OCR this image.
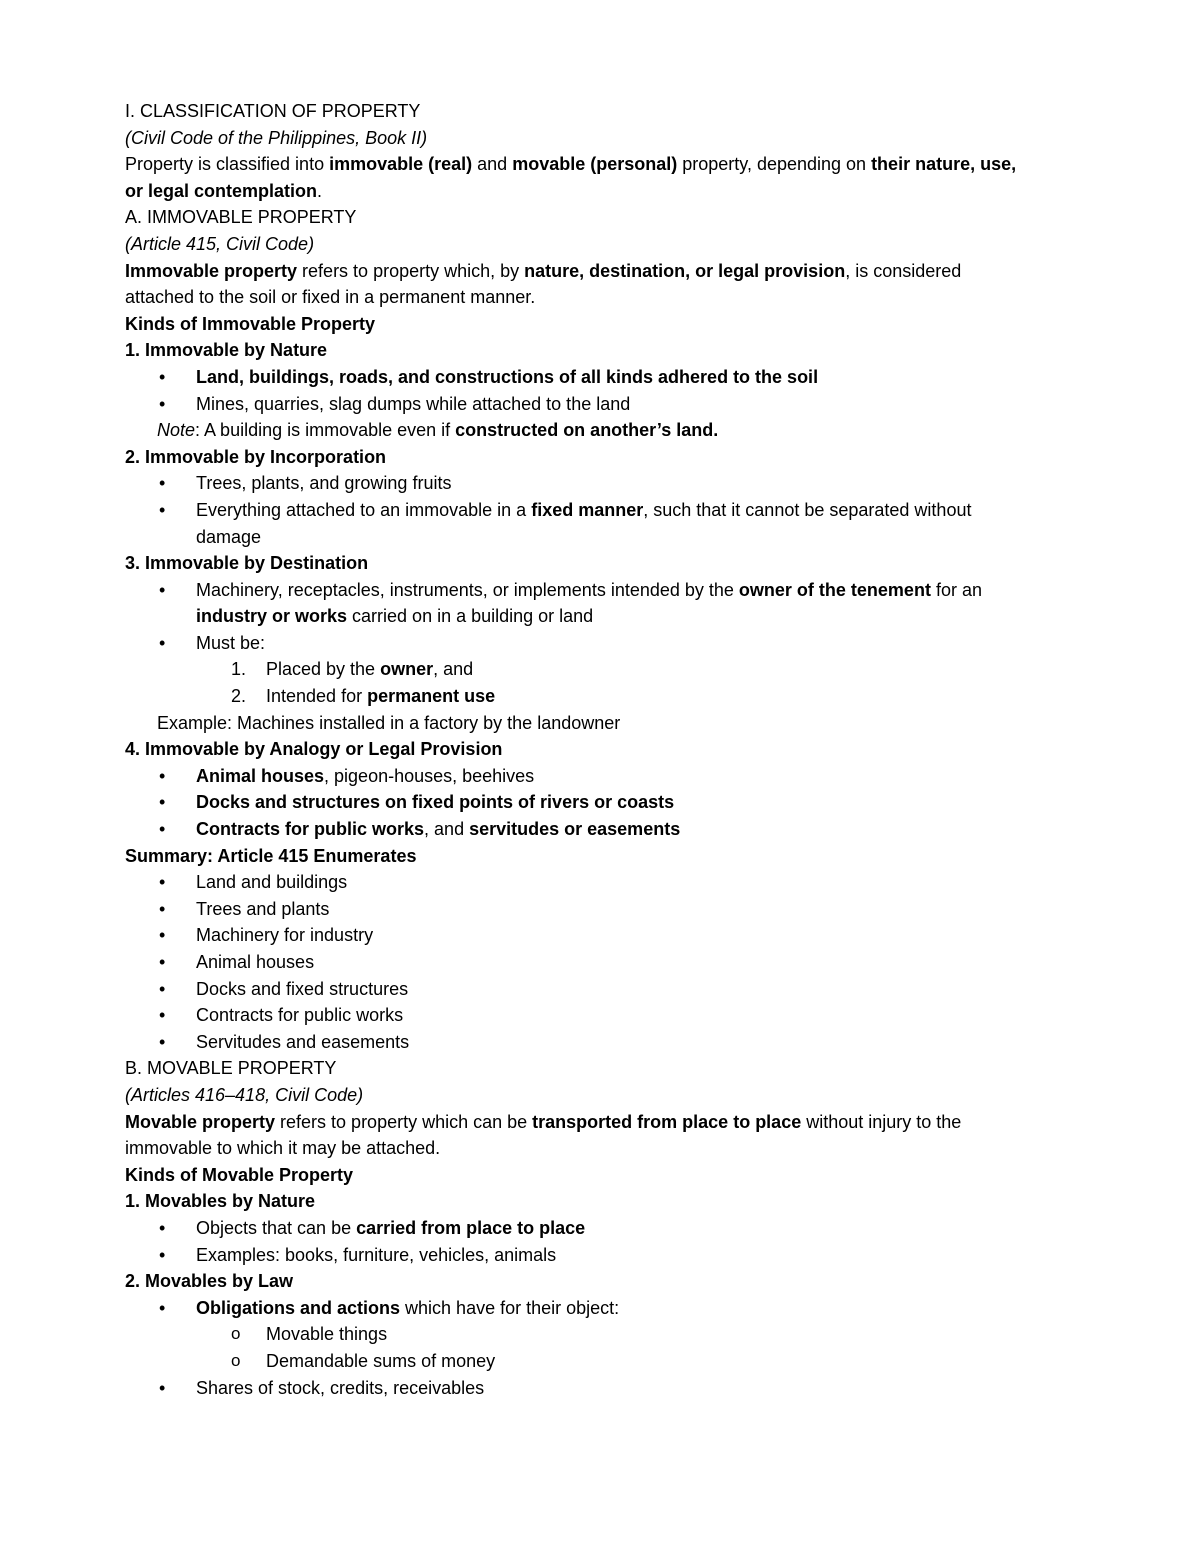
I. CLASSIFICATION OF PROPERTY
(Civil Code of the Philippines, Book II)
Property is classified into immovable (real) and movable (personal) property, depending on their nature, use,
or legal contemplation.
A. IMMOVABLE PROPERTY
(Article 415, Civil Code)
Immovable property refers to property which, by nature, destination, or legal provision, is considered
attached to the soil or fixed in a permanent manner.
Kinds of Immovable Property
1. Immovable by Nature
• Land, buildings, roads, and constructions of all kinds adhered to the soil
• Mines, quarries, slag dumps while attached to the land
Note: A building is immovable even if constructed on another’s land.
2. Immovable by Incorporation
• Trees, plants, and growing fruits
• Everything attached to an immovable in a fixed manner, such that it cannot be separated without
damage
3. Immovable by Destination
• Machinery, receptacles, instruments, or implements intended by the owner of the tenement for an
industry or works carried on in a building or land
• Must be:
1. Placed by the owner, and
2. Intended for permanent use
Example: Machines installed in a factory by the landowner
4. Immovable by Analogy or Legal Provision
• Animal houses, pigeon-houses, beehives
• Docks and structures on fixed points of rivers or coasts
• Contracts for public works, and servitudes or easements
Summary: Article 415 Enumerates
• Land and buildings
• Trees and plants
• Machinery for industry
• Animal houses
• Docks and fixed structures
• Contracts for public works
• Servitudes and easements
B. MOVABLE PROPERTY
(Articles 416–418, Civil Code)
Movable property refers to property which can be transported from place to place without injury to the
immovable to which it may be attached.
Kinds of Movable Property
1. Movables by Nature
• Objects that can be carried from place to place
• Examples: books, furniture, vehicles, animals
2. Movables by Law
• Obligations and actions which have for their object:
o Movable things
o Demandable sums of money
• Shares of stock, credits, receivables
